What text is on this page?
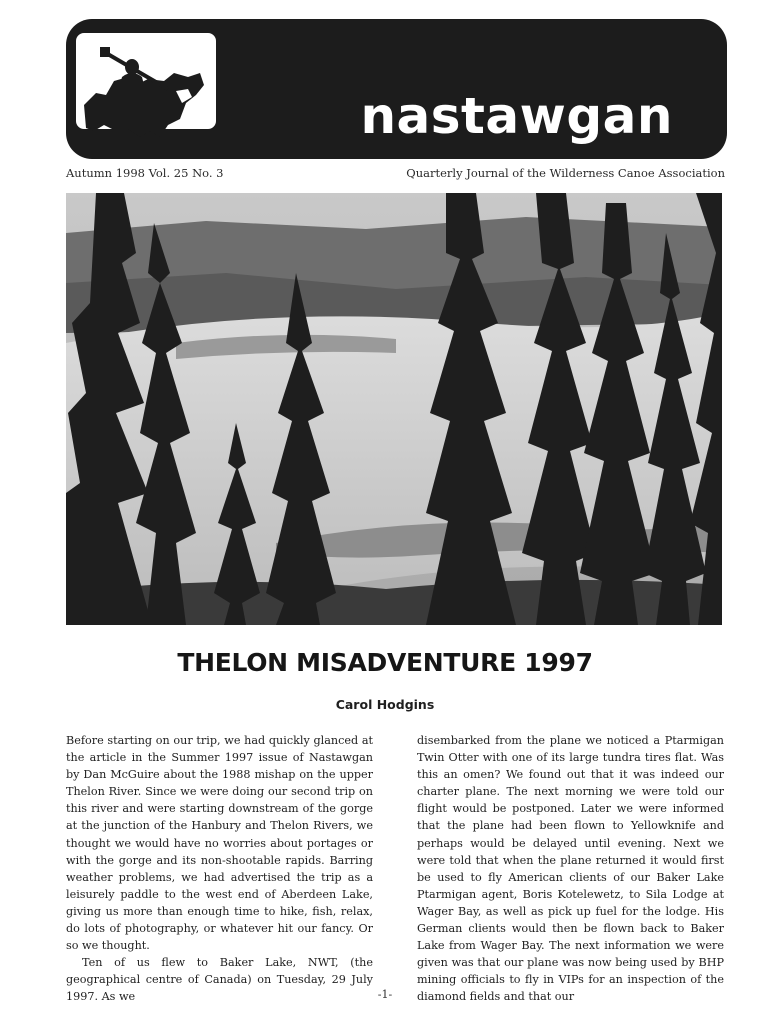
nastawgan
Autumn 1998 Vol. 25 No. 3	Quarterly Journal of the Wilderness Canoe Association
THELON MISADVENTURE 1997
Carol Hodgins

Before starting on our trip, we had quickly glanced at the article in the Summer 1997 issue of Nastawgan by Dan McGuire about the 1988 mishap on the upper Thelon River. Since we were doing our second trip on this river and were starting downstream of the gorge at the junction of the Hanbury and Thelon Rivers, we thought we would have no worries about portages or with the gorge and its non-shootable rapids. Barring weather problems, we had advertised the trip as a leisurely paddle to the west end of Aberdeen Lake, giving us more than enough time to hike, fish, relax, do lots of photography, or whatever hit our fancy. Or so we thought.

Ten of us flew to Baker Lake, NWT, (the geographical centre of Canada) on Tuesday, 29 July 1997. As we

disembarked from the plane we noticed a Ptarmigan Twin Otter with one of its large tundra tires flat. Was this an omen? We found out that it was indeed our charter plane. The next morning we were told our flight would be postponed. Later we were informed that the plane had been flown to Yellowknife and perhaps would be delayed until evening. Next we were told that when the plane returned it would first be used to fly American clients of our Baker Lake Ptarmigan agent, Boris Kotelewetz, to Sila Lodge at Wager Bay, as well as pick up fuel for the lodge. His German clients would then be flown back to Baker Lake from Wager Bay. The next information we were given was that our plane was now being used by BHP mining officials to fly in VIPs for an inspection of the diamond fields and that our

-1-
